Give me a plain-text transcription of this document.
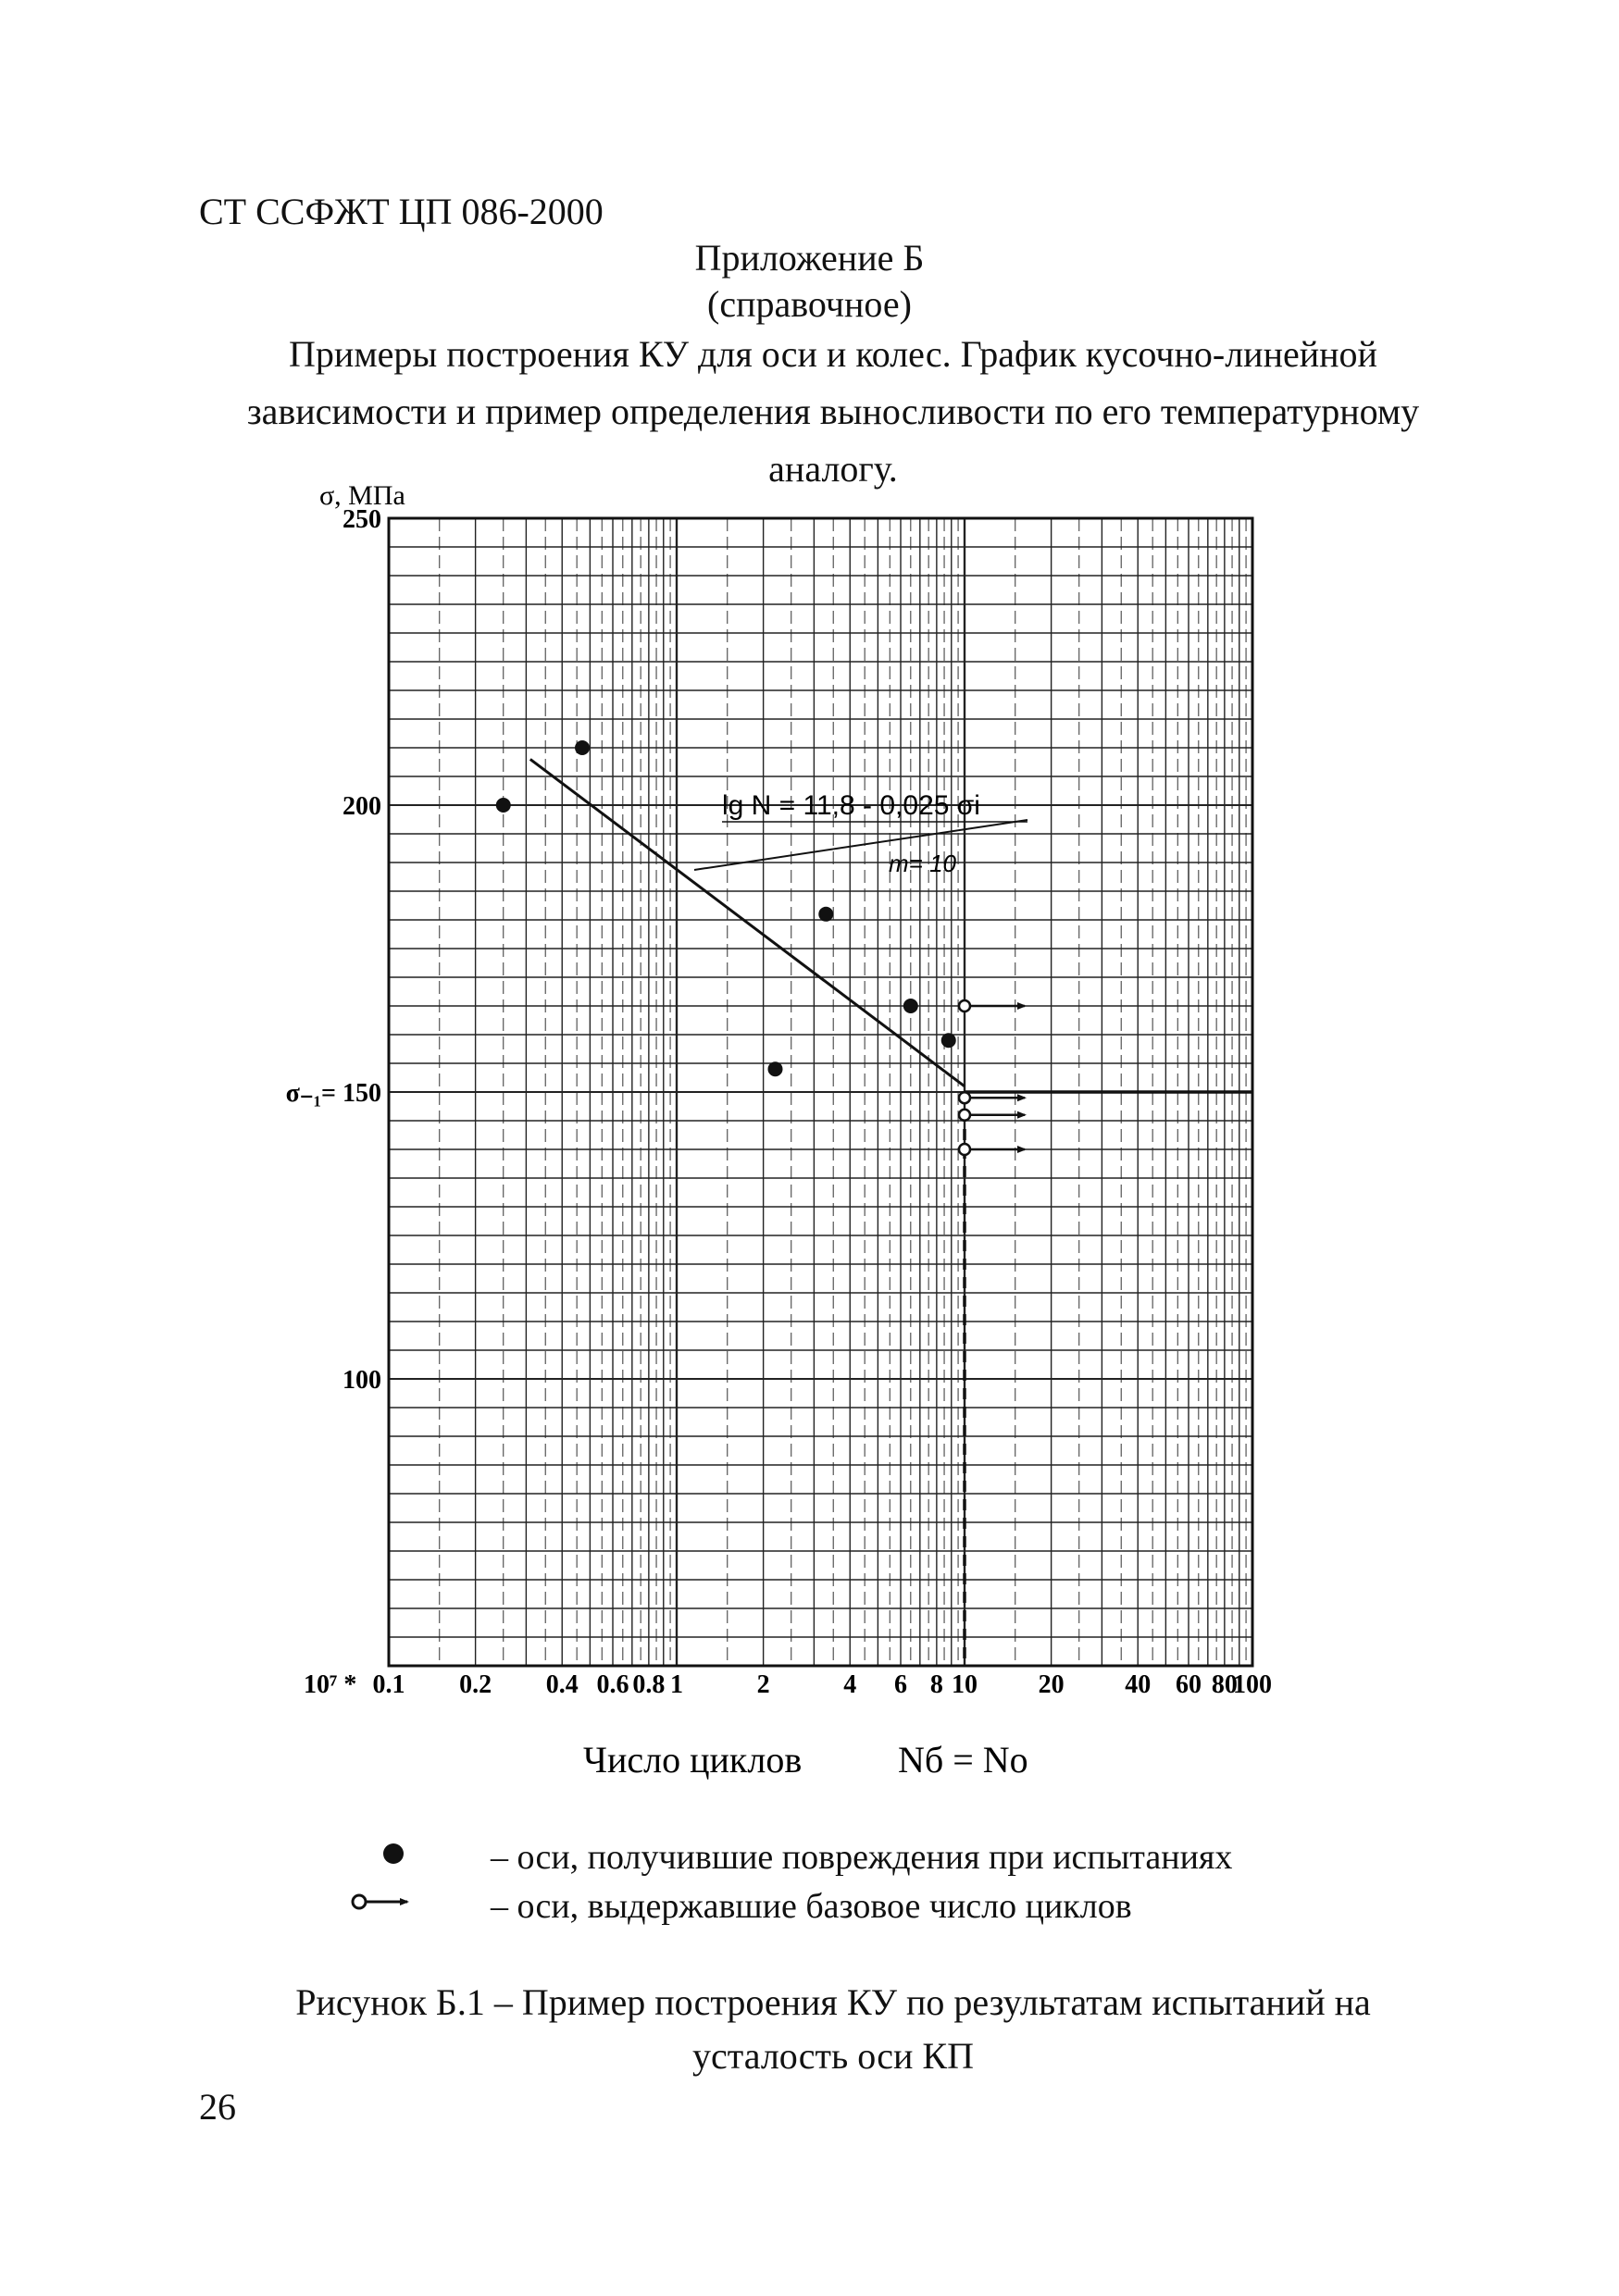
СТ ССФЖТ ЦП 086-2000
Приложение Б
(справочное)
Примеры построения КУ для оси и колес. График кусочно-линейной
зависимости и пример определения выносливости по его температурному
аналогу.
250
200
σ₋₁= 150
100
0.1 0.2 0.4 0.6 0.8 1	2	4 6 8 10 20 40 60 80
100
σ, МПа
lg N = 11,8 - 0,025 σi
m= 10
10⁷ *
Число циклов	Nб = Nо
– оси, получившие повреждения при испытаниях
– оси, выдержавшие базовое число циклов
Рисунок Б.1 – Пример построения КУ по результатам испытаний на
усталость оси КП
26
